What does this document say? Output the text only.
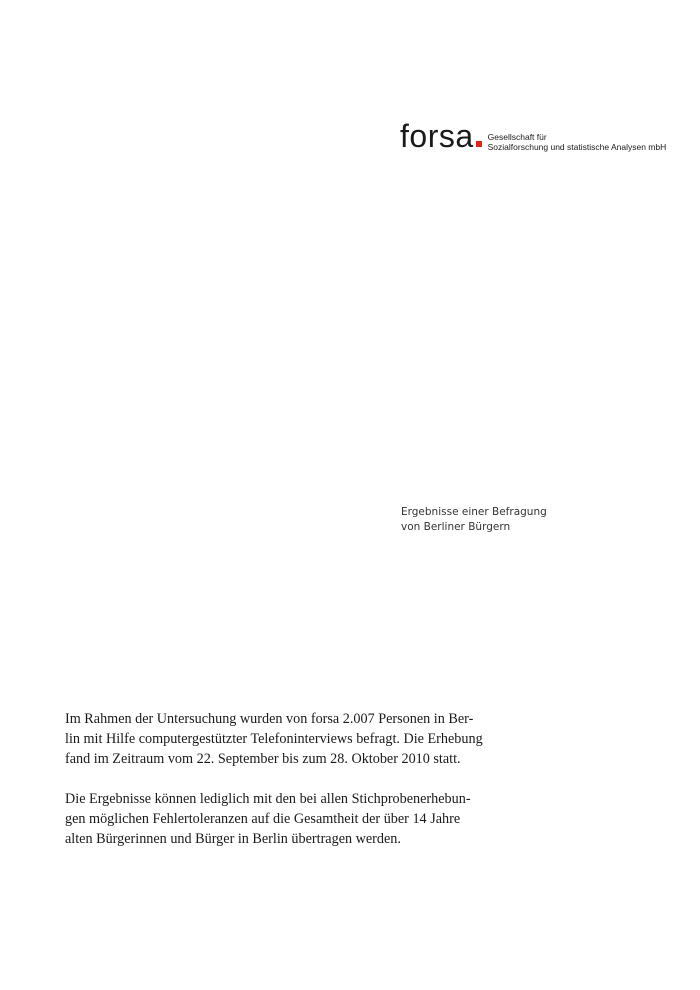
forsa Gesellschaft für
Sozialforschung und statistische Analysen mbH
Ergebnisse einer Befragung
von Berliner Bürgern

Im Rahmen der Untersuchung wurden von forsa 2.007 Personen in Ber-
lin mit Hilfe computergestützter Telefoninterviews befragt. Die Erhebung
fand im Zeitraum vom 22. September bis zum 28. Oktober 2010 statt.

Die Ergebnisse können lediglich mit den bei allen Stichprobenerhebun-
gen möglichen Fehlertoleranzen auf die Gesamtheit der über 14 Jahre
alten Bürgerinnen und Bürger in Berlin übertragen werden.
